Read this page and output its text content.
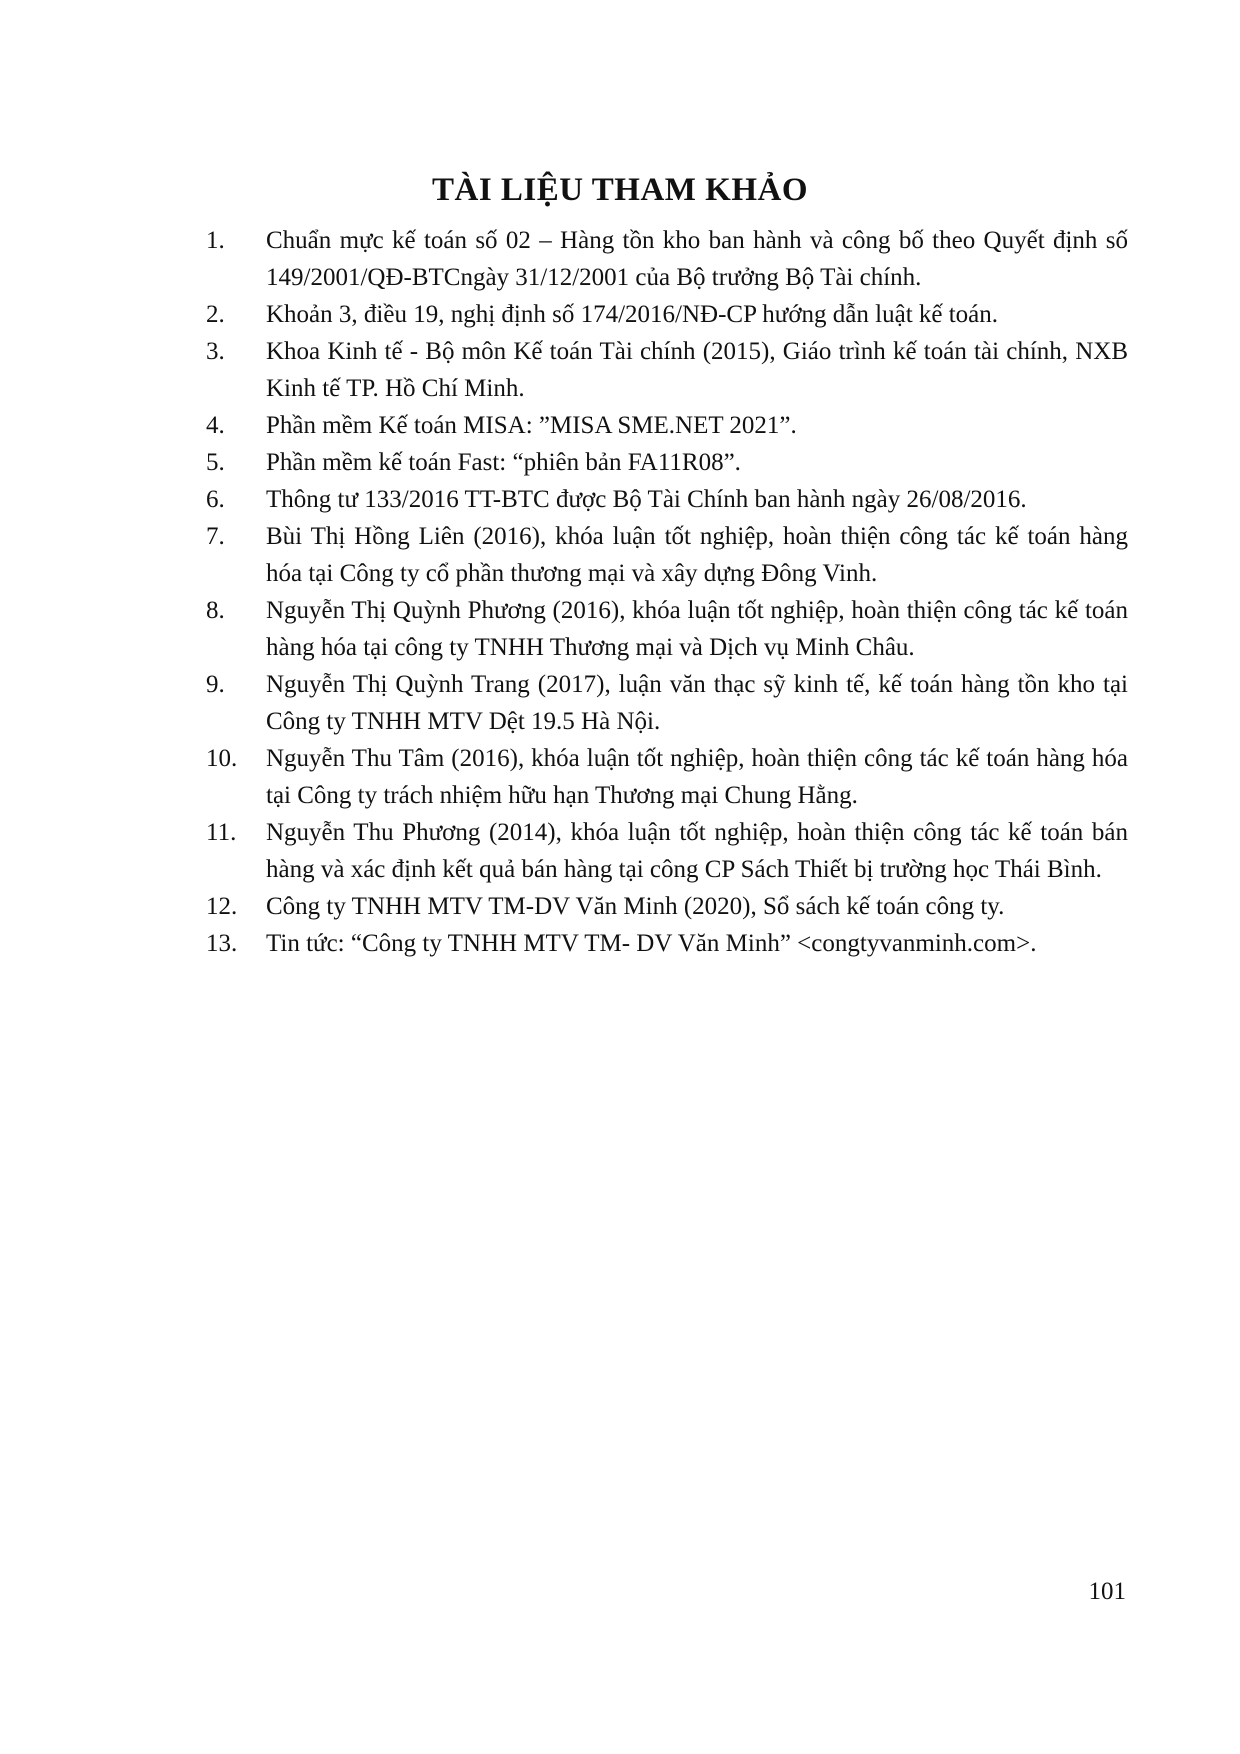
TÀI LIỆU THAM KHẢO
1.	Chuẩn mực kế toán số 02 – Hàng tồn kho ban hành và công bố theo Quyết định số 149/2001/QĐ-BTCngày 31/12/2001 của Bộ trưởng Bộ Tài chính.
2.	Khoản 3, điều 19, nghị định số 174/2016/NĐ-CP hướng dẫn luật kế toán.
3.	Khoa Kinh tế - Bộ môn Kế toán Tài chính (2015), Giáo trình kế toán tài chính, NXB Kinh tế TP. Hồ Chí Minh.
4.	Phần mềm Kế toán MISA: ”MISA SME.NET 2021”.
5.	Phần mềm kế toán Fast: “phiên bản FA11R08”.
6.	Thông tư 133/2016 TT-BTC được Bộ Tài Chính ban hành ngày 26/08/2016.
7.	Bùi Thị Hồng Liên (2016), khóa luận tốt nghiệp, hoàn thiện công tác kế toán hàng hóa tại Công ty cổ phần thương mại và xây dựng Đông Vinh.
8.	Nguyễn Thị Quỳnh Phương (2016), khóa luận tốt nghiệp, hoàn thiện công tác kế toán hàng hóa tại công ty TNHH Thương mại và Dịch vụ Minh Châu.
9.	Nguyễn Thị Quỳnh Trang (2017), luận văn thạc sỹ kinh tế, kế toán hàng tồn kho tại Công ty TNHH MTV Dệt 19.5 Hà Nội.
10.	Nguyễn Thu Tâm (2016), khóa luận tốt nghiệp, hoàn thiện công tác kế toán hàng hóa tại Công ty trách nhiệm hữu hạn Thương mại Chung Hằng.
11.	Nguyễn Thu Phương (2014), khóa luận tốt nghiệp, hoàn thiện công tác kế toán bán hàng và xác định kết quả bán hàng tại công CP Sách Thiết bị trường học Thái Bình.
12.	Công ty TNHH MTV TM-DV Văn Minh (2020), Sổ sách kế toán công ty.
13.	Tin tức: “Công ty TNHH MTV TM- DV Văn Minh” <congtyvanminh.com>.
101
